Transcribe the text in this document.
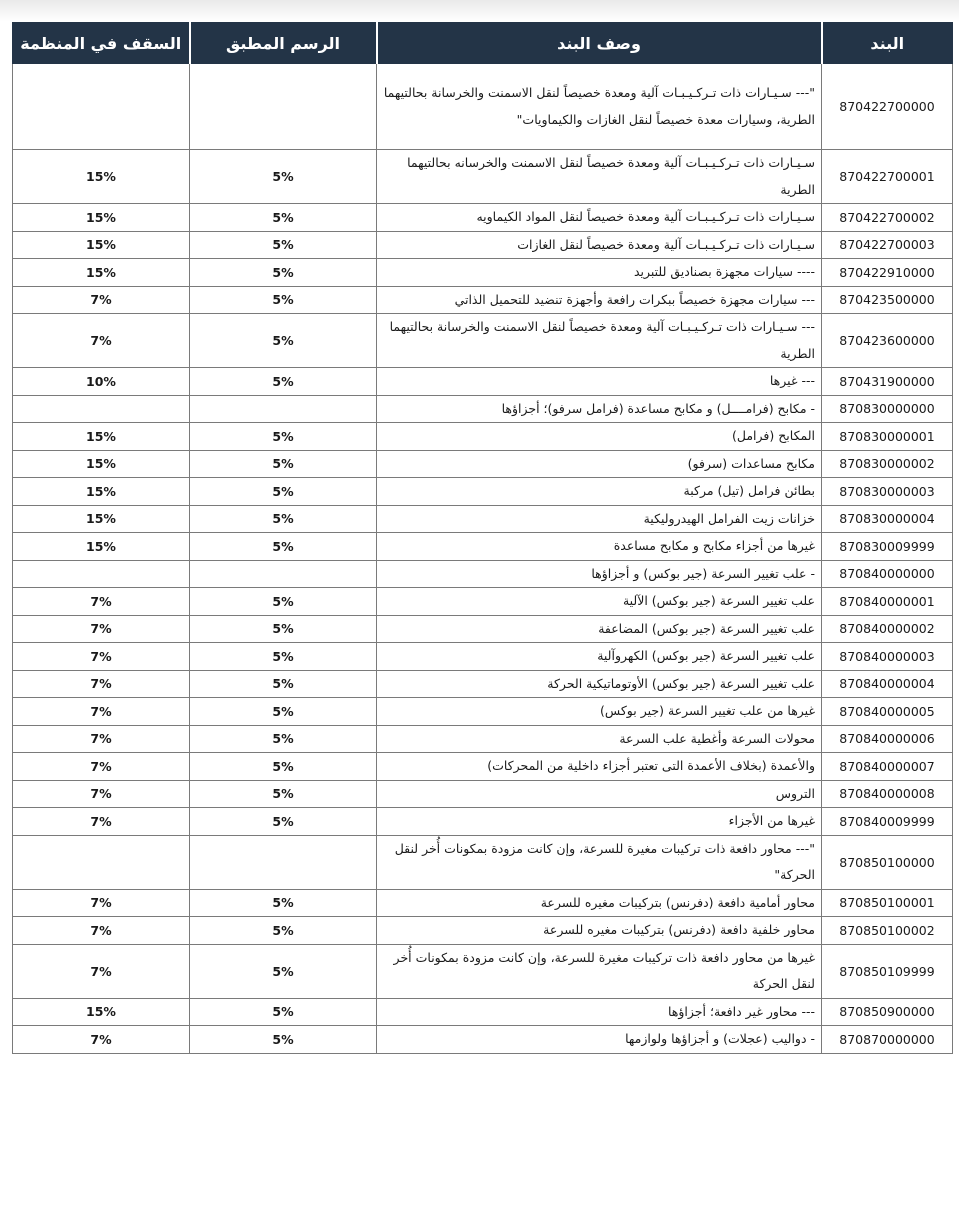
البند	وصف البند	الرسم المطبق	السقف في المنظمة
870422700000	"--- سـيـارات ذات تـركـيـبـات آلية ومعدة خصيصاً لنقل الاسمنت والخرسانة بحالتيهما الطرية، وسيارات معدة خصيصاً لنقل الغازات والكيماويات"		
870422700001	سـيـارات ذات تـركـيـبـات آلية ومعدة خصيصاً لنقل الاسمنت والخرسانه بحالتيهما الطرية	5%	15%
870422700002	سـيـارات ذات تـركـيـبـات آلية ومعدة خصيصاً لنقل المواد الكيماويه	5%	15%
870422700003	سـيـارات ذات تـركـيـبـات آلية ومعدة خصيصاً لنقل الغازات	5%	15%
870422910000	---- سيارات مجهزة بصناديق للتبريد	5%	15%
870423500000	--- سيارات مجهزة خصيصاً ببكرات رافعة وأجهزة تنضيد للتحميل الذاتي	5%	7%
870423600000	--- سـيـارات ذات تـركـيـبـات آلية ومعدة خصيصاً لنقل الاسمنت والخرسانة بحالتيهما الطرية	5%	7%
870431900000	--- غيرها	5%	10%
870830000000	- مكابح (فرامــــل) و مكابح مساعدة (فرامل سرفو)؛ أجزاؤها		
870830000001	المكابح (فرامل)	5%	15%
870830000002	مكابح مساعدات (سرفو)	5%	15%
870830000003	بطائن فرامل (تيل) مركبة	5%	15%
870830000004	خزانات زيت الفرامل الهيدروليكية	5%	15%
870830009999	غيرها من أجزاء مكابح و مكابح مساعدة	5%	15%
870840000000	- علب تغيير السرعة (جير بوكس) و أجزاؤها		
870840000001	علب تغيير السرعة (جير بوكس) الآلية	5%	7%
870840000002	علب تغيير السرعة (جير بوكس) المضاعفة	5%	7%
870840000003	علب تغيير السرعة (جير بوكس) الكهروآلية	5%	7%
870840000004	علب تغيير السرعة (جير بوكس) الأوتوماتيكية الحركة	5%	7%
870840000005	غيرها من علب تغيير السرعة (جير بوكس)	5%	7%
870840000006	محولات السرعة وأغطية علب السرعة	5%	7%
870840000007	والأعمدة (بخلاف الأعمدة التى تعتبر أجزاء داخلية من المحركات)	5%	7%
870840000008	التروس	5%	7%
870840009999	غيرها من الأجزاء	5%	7%
870850100000	"--- محاور دافعة ذات تركيبات مغيرة للسرعة، وإن كانت مزودة بمكونات أُخر لنقل الحركة"		
870850100001	محاور أمامية دافعة (دفرنس) بتركيبات مغيره للسرعة	5%	7%
870850100002	محاور خلفية دافعة (دفرنس) بتركيبات مغيره للسرعة	5%	7%
870850109999	غيرها من محاور دافعة ذات تركيبات مغيرة للسرعة، وإن كانت مزودة بمكونات أُخر لنقل الحركة	5%	7%
870850900000	--- محاور غير دافعة؛ أجزاؤها	5%	15%
870870000000	- دواليب (عجلات) و أجزاؤها ولوازمها	5%	7%
